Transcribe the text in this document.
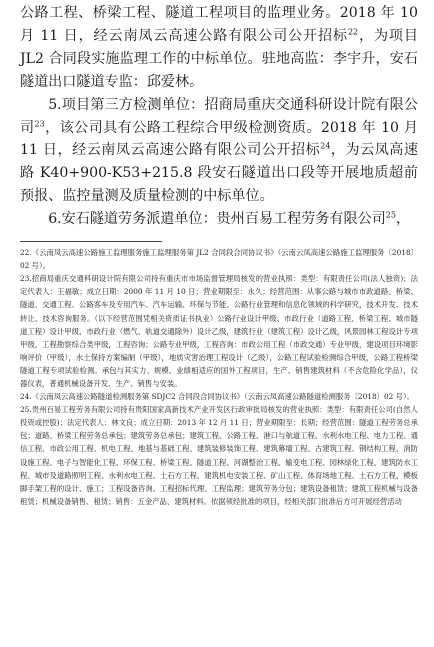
公路工程、桥梁工程、隧道工程项目的监理业务。2018 年 10 月 11 日，经云南凤云高速公路有限公司公开招标$^{22}$，为项目 JL2 合同段实施监理工作的中标单位。驻地高监：李宇升，安石隧道出口隧道专监：邱爱林。

5.项目第三方检测单位：招商局重庆交通科研设计院有限公司$^{23}$，该公司具有公路工程综合甲级检测资质。2018 年 10 月 11 日，经云南凤云高速公路有限公司公开招标$^{24}$，为云凤高速路 K40+900-K53+215.8 段安石隧道出口段等开展地质超前预报、监控量测及质量检测的中标单位。

6.安石隧道劳务派遣单位：贵州百易工程劳务有限公司$^{25}$，

22.《云南凤云高速公路施工监理服务施工监理服务第 JL2 合同段合同协议书》（云南云凤高速公路施工监理服务〔2018〕02 号）。
23.招商局重庆交通科研设计院有限公司持有重庆市市场监督管理局核发的营业执照：类型：有限责任公司(法人独资)；法定代表人：王福敏；成立日期：2000 年 11 月 10 日；营业期限至：永久；经营范围：从事公路与城市市政道路、桥梁、隧道、交通工程、公路客车及专用汽车、汽车运输、环保与节能、公路行业管理和信息化领域的科学研究，技术开发、技术转让、技术咨询服务。（以下经营范围凭相关资质证书执业）公路行业设计甲级、市政行业（道路工程、桥梁工程、城市隧道工程）设计甲级、市政行业（燃气、轨道交通除外）设计乙级，建筑行业（建筑工程）设计乙级，风景园林工程设计专项甲级，工程勘察综合类甲级，工程咨询；公路专业甲级，工程咨询：市政公用工程（市政交通）专业甲级，建设项目环境影响评价（甲级），水土保持方案编制（甲级），地质灾害治理工程设计（乙级），公路工程试验检测综合甲级，公路工程桥梁隧道工程专项试验检测。承包与其实力、规模、业绩相适应的国外工程项目，生产、销售建筑材料（不含危险化学品），仪器仪表，普通机械设备开发、生产、销售与安装。
24.《云南凤云高速公路隧道检测服务第 SDJC2 合同段合同协议书》（云南云凤高速公路隧道检测服务〔2018〕02 号）。
25.贵州百易工程劳务有限公司持有贵阳国家高新技术产业开发区行政审批局核发的营业执照：类型：有限责任公司(自然人投资或控股)；法定代表人：林文良；成立日期：2013 年 12 月 11 日；营业期限至：长期；经营范围：隧道工程劳务总承包；道路、桥梁工程劳务总承包；建筑劳务总承包；建筑工程、公路工程、港口与航道工程、水利水电工程、电力工程、通信工程、市政公用工程、机电工程、地基与基础工程、建筑装修装饰工程、建筑幕墙工程、古建筑工程、钢结构工程、消防设施工程、电子与智能化工程、环保工程、桥梁工程、隧道工程、河湖整治工程、输变电工程、园林绿化工程、建筑防水工程、城市及道路照明工程、水利水电工程、土石方工程、建筑机电安装工程、矿山工程、体育场地工程、土石方工程、模板脚手架工程的设计、施工；工程设备咨询、工程招标代理、工程监理；建筑劳务分包；建筑设备租赁；建筑工程机械与设备租赁；机械设备销售、租赁；销售：五金产品、建筑材料。依据须经批准的项目，经相关部门批准后方可开展经营活动
